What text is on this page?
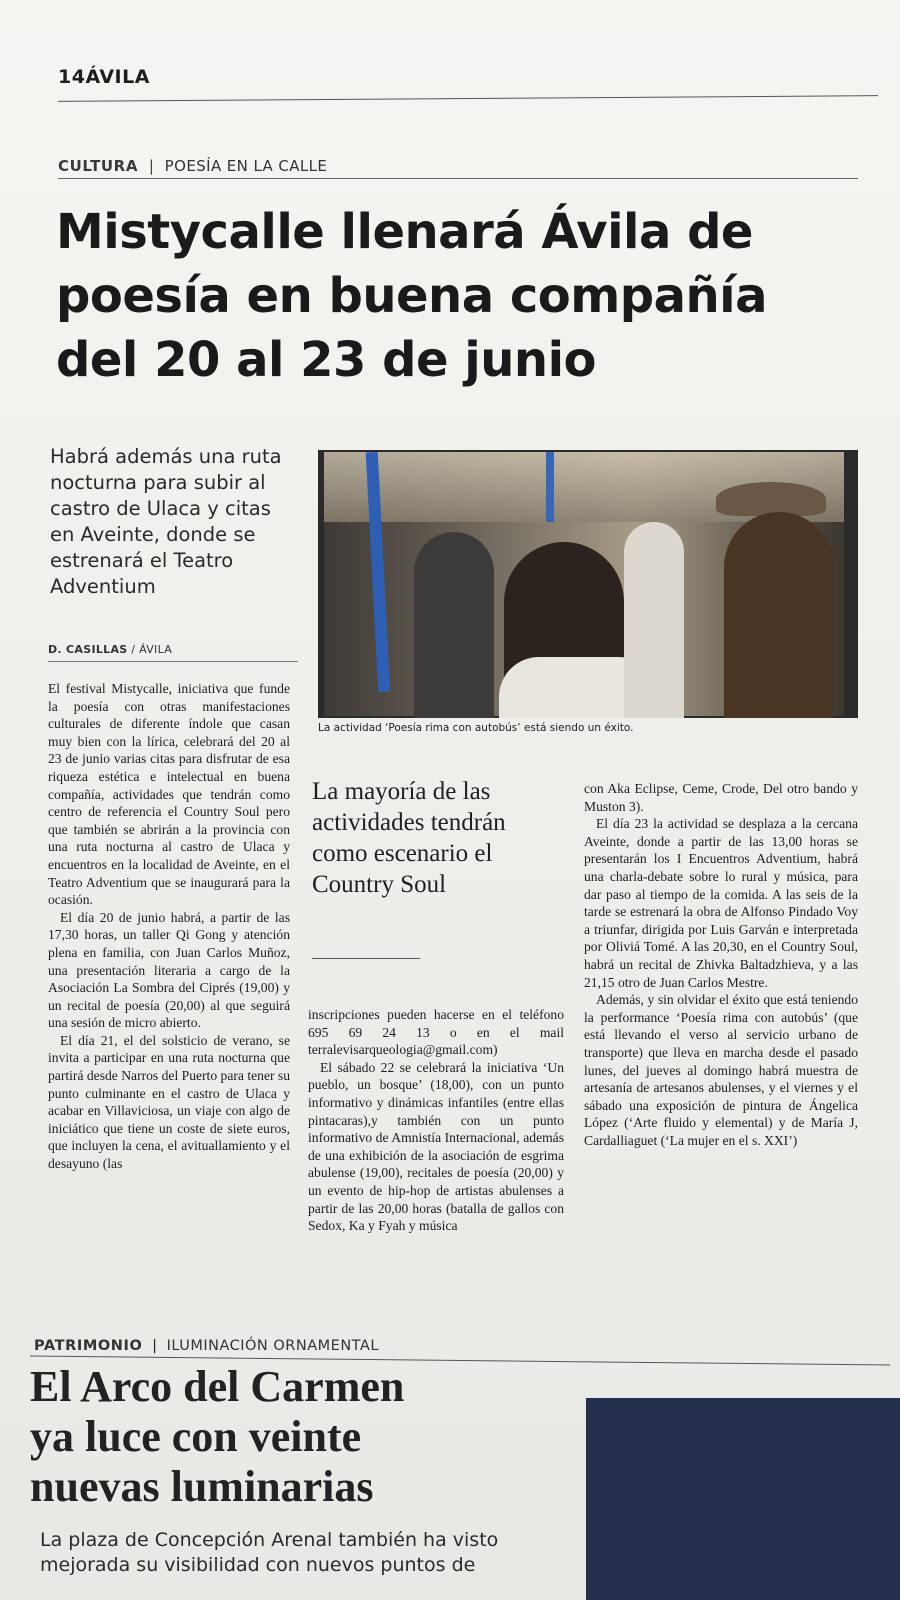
14ÁVILA
CULTURA | POESÍA EN LA CALLE
Mistycalle llenará Ávila de poesía en buena compañía del 20 al 23 de junio
Habrá además una ruta nocturna para subir al castro de Ulaca y citas en Aveinte, donde se estrenará el Teatro Adventium
D. CASILLAS / ÁVILA
La actividad ‘Poesía rima con autobús’ está siendo un éxito.

El festival Mistycalle, iniciativa que funde la poesía con otras manifestaciones culturales de diferente índole que casan muy bien con la lírica, celebrará del 20 al 23 de junio varias citas para disfrutar de esa riqueza estética e intelectual en buena compañía, actividades que tendrán como centro de referencia el Country Soul pero que también se abrirán a la provincia con una ruta nocturna al castro de Ulaca y encuentros en la localidad de Aveinte, en el Teatro Adventium que se inaugurará para la ocasión.

El día 20 de junio habrá, a partir de las 17,30 horas, un taller Qi Gong y atención plena en familia, con Juan Carlos Muñoz, una presentación literaria a cargo de la Asociación La Sombra del Ciprés (19,00) y un recital de poesía (20,00) al que seguirá una sesión de micro abierto.

El día 21, el del solsticio de verano, se invita a participar en una ruta nocturna que partirá desde Narros del Puerto para tener su punto culminante en el castro de Ulaca y acabar en Villaviciosa, un viaje con algo de iniciático que tiene un coste de siete euros, que incluyen la cena, el avituallamiento y el desayuno (las

La mayoría de las actividades tendrán como escenario el Country Soul

inscripciones pueden hacerse en el teléfono 695 69 24 13 o en el mail terralevisarqueologia@gmail.com)

El sábado 22 se celebrará la iniciativa ‘Un pueblo, un bosque’ (18,00), con un punto informativo y dinámicas infantiles (entre ellas pintacaras),y también con un punto informativo de Amnistía Internacional, además de una exhibición de la asociación de esgrima abulense (19,00), recitales de poesía (20,00) y un evento de hip-hop de artistas abulenses a partir de las 20,00 horas (batalla de gallos con Sedox, Ka y Fyah y música

con Aka Eclipse, Ceme, Crode, Del otro bando y Muston 3).

El día 23 la actividad se desplaza a la cercana Aveinte, donde a partir de las 13,00 horas se presentarán los I Encuentros Adventium, habrá una charla-debate sobre lo rural y música, para dar paso al tiempo de la comida. A las seis de la tarde se estrenará la obra de Alfonso Pindado Voy a triunfar, dirigida por Luis Garván e interpretada por Oliviá Tomé. A las 20,30, en el Country Soul, habrá un recital de Zhivka Baltadzhieva, y a las 21,15 otro de Juan Carlos Mestre.

Además, y sin olvidar el éxito que está teniendo la performance ‘Poesía rima con autobús’ (que está llevando el verso al servicio urbano de transporte) que lleva en marcha desde el pasado lunes, del jueves al domingo habrá muestra de artesanía de artesanos abulenses, y el viernes y el sábado una exposición de pintura de Ángelica López (‘Arte fluido y elemental) y de María J, Cardalliaguet (‘La mujer en el s. XXI’)

PATRIMONIO | ILUMINACIÓN ORNAMENTAL
El Arco del Carmen
ya luce con veinte
nuevas luminarias
La plaza de Concepción Arenal también ha visto mejorada su visibilidad con nuevos puntos de
